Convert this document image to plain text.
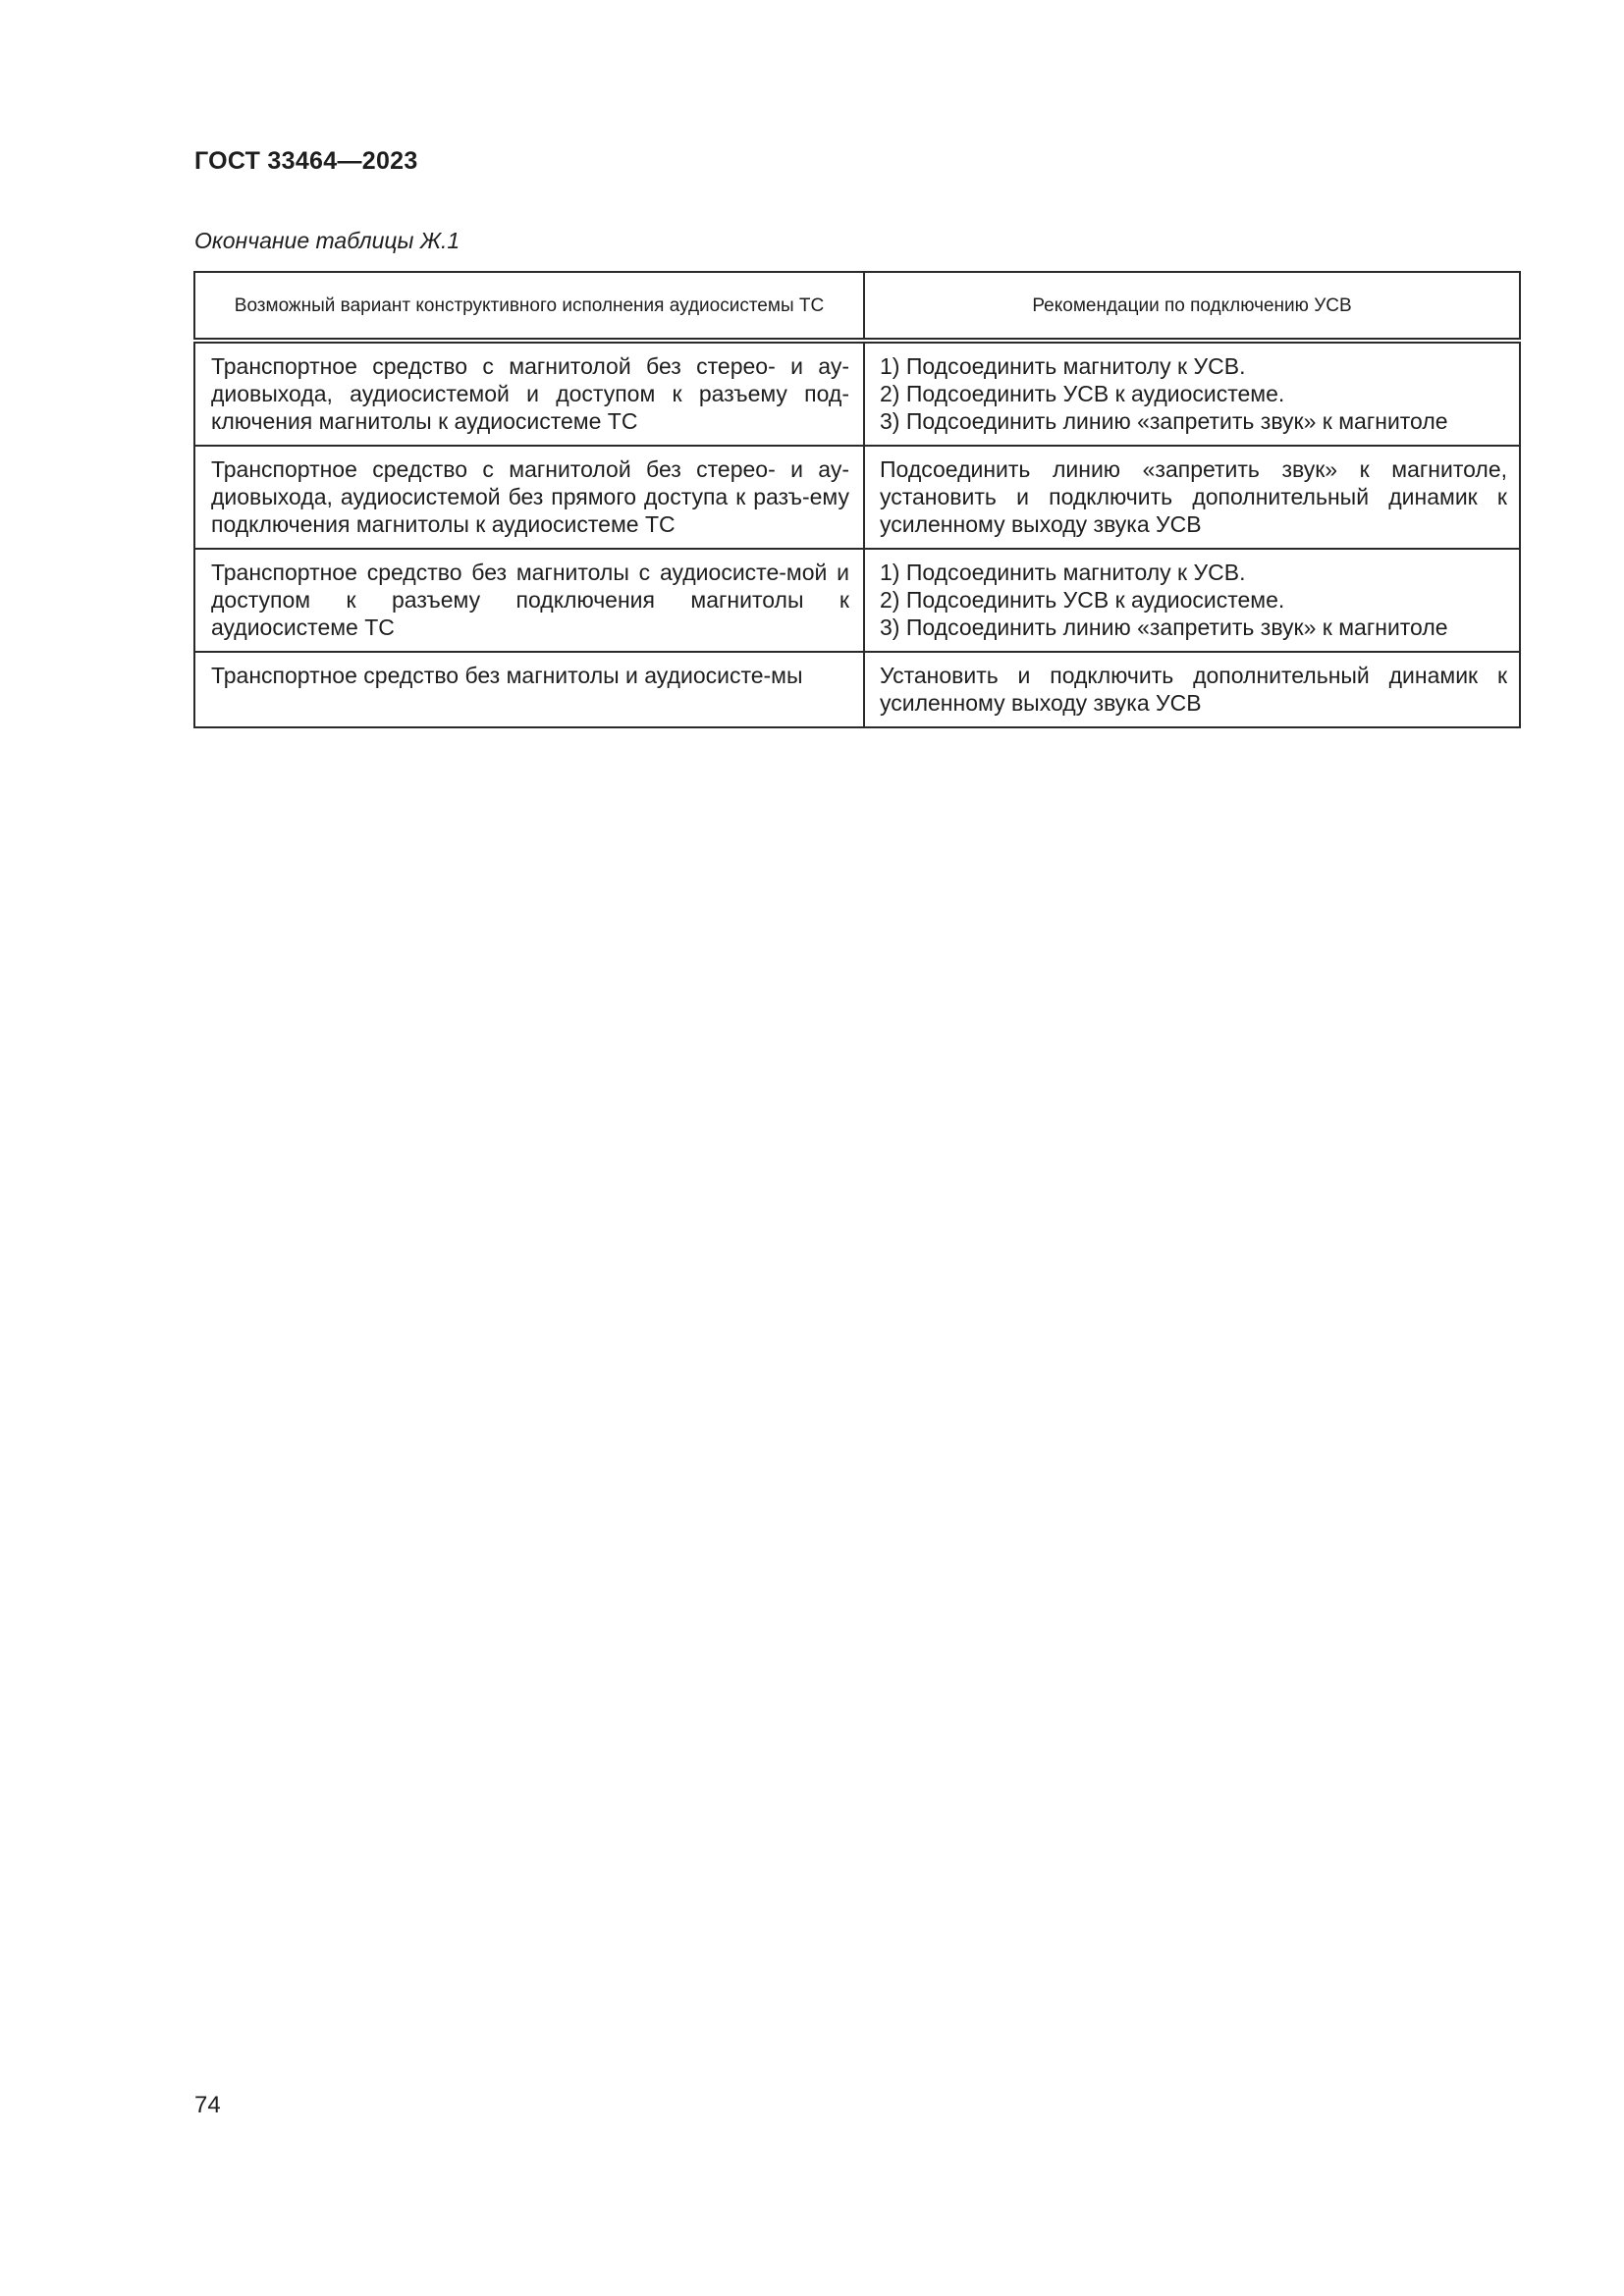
ГОСТ 33464—2023

Окончание таблицы Ж.1

Возможный вариант конструктивного исполнения аудиосистемы ТС	Рекомендации по подключению УСВ
Транспортное средство с магнитолой без стерео- и ау-диовыхода, аудиосистемой и доступом к разъему под-ключения магнитолы к аудиосистеме ТС	1) Подсоединить магнитолу к УСВ.
2) Подсоединить УСВ к аудиосистеме.
3) Подсоединить линию «запретить звук» к магнитоле

Транспортное средство с магнитолой без стерео- и ау-диовыхода, аудиосистемой без прямого доступа к разъ-ему подключения магнитолы к аудиосистеме ТС	Подсоединить линию «запретить звук» к магнитоле, установить и подключить дополнительный динамик к усиленному выходу звука УСВ

Транспортное средство без магнитолы с аудиосисте-мой и доступом к разъему подключения магнитолы к аудиосистеме ТС	1) Подсоединить магнитолу к УСВ.
2) Подсоединить УСВ к аудиосистеме.
3) Подсоединить линию «запретить звук» к магнитоле

Транспортное средство без магнитолы и аудиосисте-мы	Установить и подключить дополнительный динамик к усиленному выходу звука УСВ

74
